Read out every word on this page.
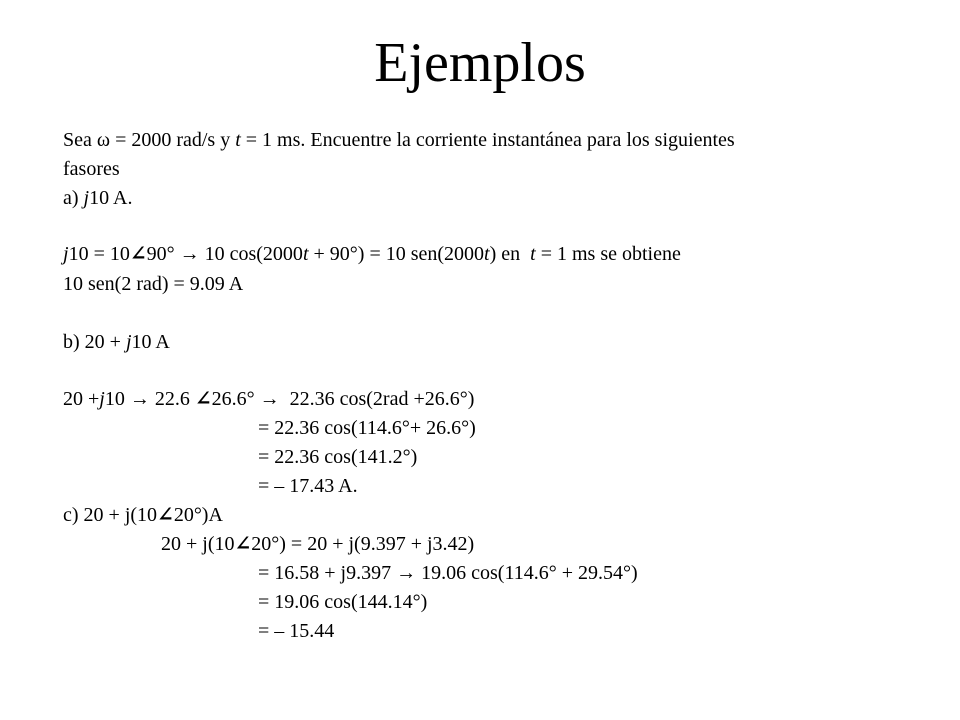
Ejemplos
Sea ω = 2000 rad/s y t = 1 ms. Encuentre la corriente instantánea para los siguientes
fasores
a) j10 A.
j10 = 10∠90° → 10 cos(2000t + 90°) = 10 sen(2000t) en  t = 1 ms se obtiene
10 sen(2 rad) = 9.09 A
b) 20 + j10 A
20 +j10 → 22.6 ∠26.6° →  22.36 cos(2rad +26.6°)
= 22.36 cos(114.6°+ 26.6°)
= 22.36 cos(141.2°)
= – 17.43 A.
c) 20 + j(10∠20°)A
20 + j(10∠20°) = 20 + j(9.397 + j3.42)
= 16.58 + j9.397 → 19.06 cos(114.6° + 29.54°)
= 19.06 cos(144.14°)
= – 15.44
